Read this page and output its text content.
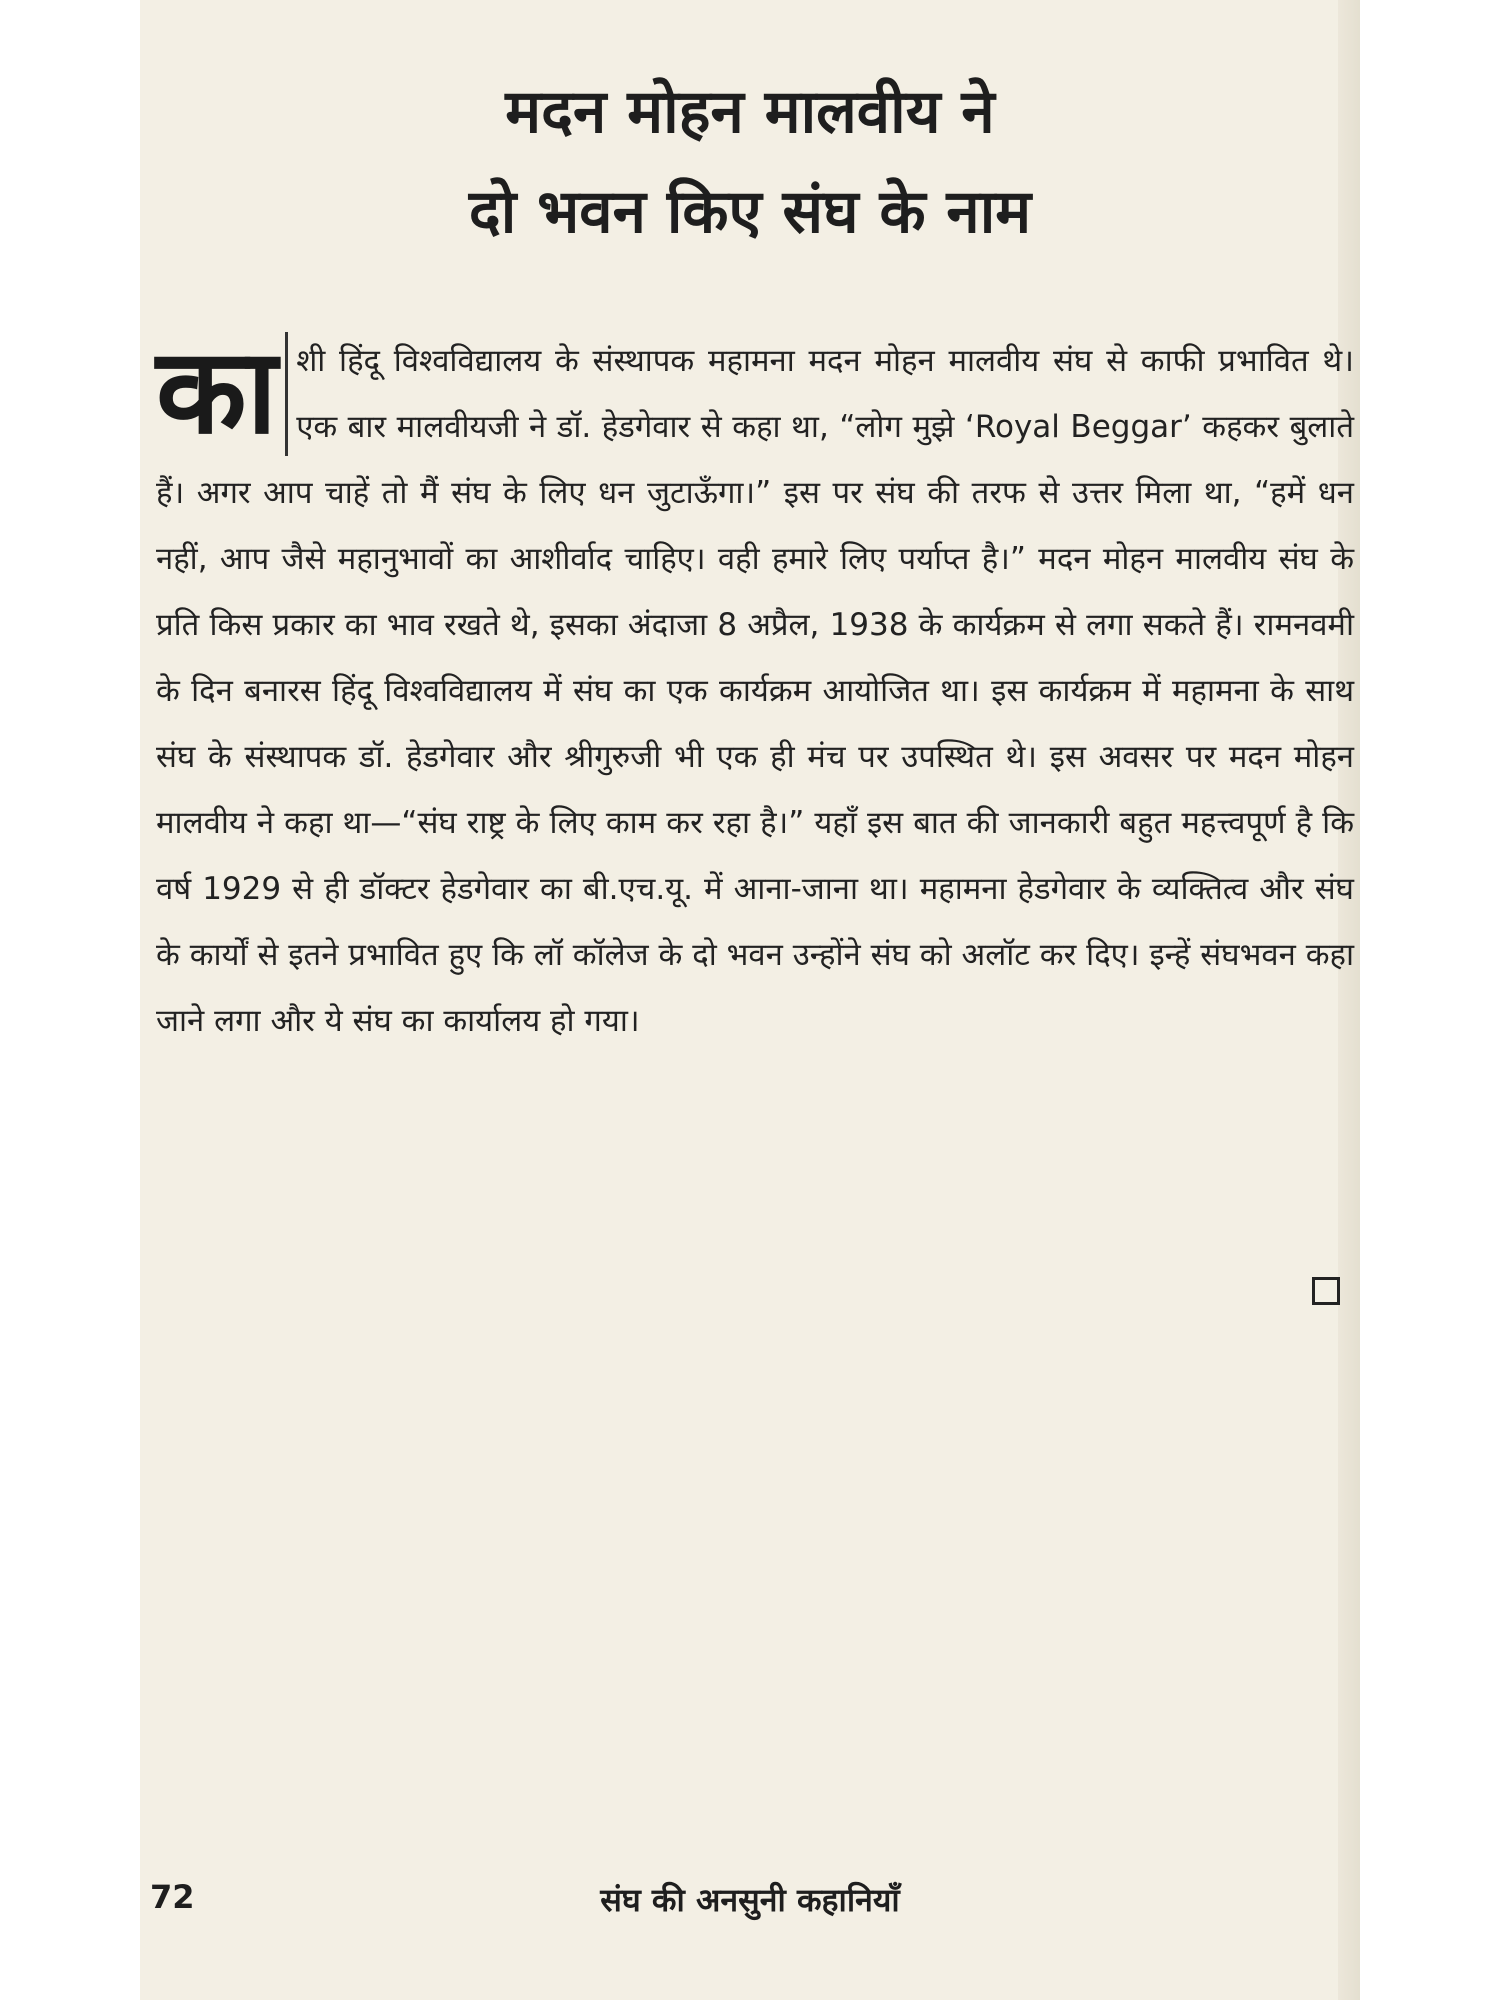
मदन मोहन मालवीय ने
दो भवन किए संघ के नाम

का शी हिंदू विश्वविद्यालय के संस्थापक महामना मदन मोहन मालवीय संघ से काफी प्रभावित थे। एक बार मालवीयजी ने डॉ. हेडगेवार से कहा था, “लोग मुझे ‘Royal Beggar’ कहकर बुलाते हैं। अगर आप चाहें तो मैं संघ के लिए धन जुटाऊँगा।” इस पर संघ की तरफ से उत्तर मिला था, “हमें धन नहीं, आप जैसे महानुभावों का आशीर्वाद चाहिए। वही हमारे लिए पर्याप्त है।” मदन मोहन मालवीय संघ के प्रति किस प्रकार का भाव रखते थे, इसका अंदाजा 8 अप्रैल, 1938 के कार्यक्रम से लगा सकते हैं। रामनवमी के दिन बनारस हिंदू विश्वविद्यालय में संघ का एक कार्यक्रम आयोजित था। इस कार्यक्रम में महामना के साथ संघ के संस्थापक डॉ. हेडगेवार और श्रीगुरुजी भी एक ही मंच पर उपस्थित थे। इस अवसर पर मदन मोहन मालवीय ने कहा था—“संघ राष्ट्र के लिए काम कर रहा है।” यहाँ इस बात की जानकारी बहुत महत्त्वपूर्ण है कि वर्ष 1929 से ही डॉक्टर हेडगेवार का बी.एच.यू. में आना-जाना था। महामना हेडगेवार के व्यक्तित्व और संघ के कार्यों से इतने प्रभावित हुए कि लॉ कॉलेज के दो भवन उन्होंने संघ को अलॉट कर दिए। इन्हें संघभवन कहा जाने लगा और ये संघ का कार्यालय हो गया।

संघ की अनसुनी कहानियाँ
72
